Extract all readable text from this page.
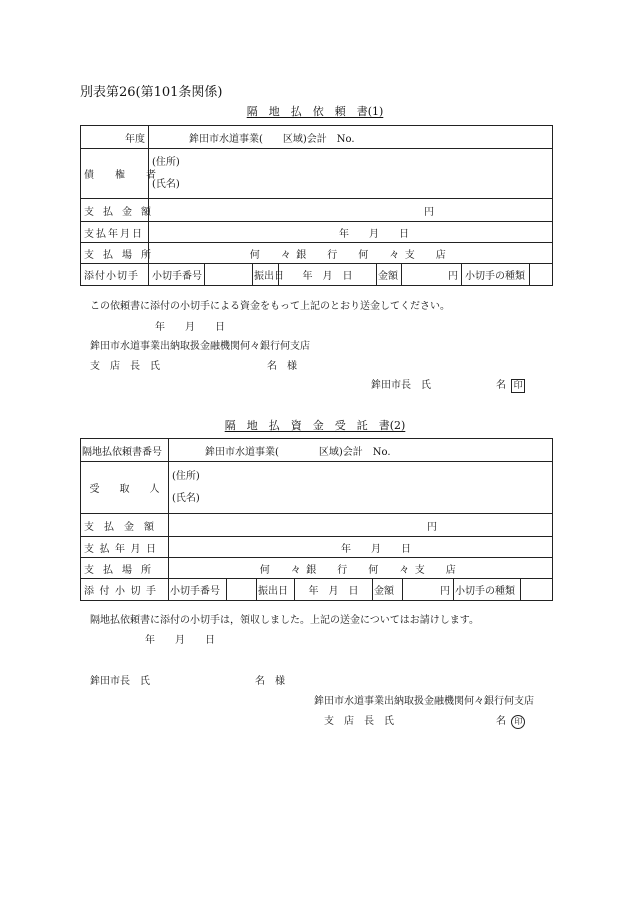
別表第26(第101条関係)
隔　地　払　依　頼　書(1)
年度	鉾田市水道事業(　　区域)会計　No.							
債　権　者	(住所)
(氏名)							

支払金額	円							
支払年月日	年　　月　　日							
支払場所	何　々銀　行　何　々支　店							
添付小切手	小切手番号		振出日	年　月　日	金額	円	小切手の種類	
この依頼書に添付の小切手による資金をもって上記のとおり送金してください。
年　　月　　日
鉾田市水道事業出納取扱金融機関何々銀行何支店
支　店　長　氏	名　様
鉾田市長　氏	名 印
隔　地　払　資　金　受　託　書(2)
隔地払依頼書番号	鉾田市水道事業(　　　　区域)会計　No.							
受　　取　　人	(住所)
(氏名)							

支　払　金　額	円							
支払年月日	年　　月　　日							
支払場所	何　々銀　行　何　々支　店							
添付小切手	小切手番号		振出日	年　月　日	金額	円	小切手の種類	
隔地払依頼書に添付の小切手は，領収しました。上記の送金についてはお請けします。
年　　月　　日
鉾田市長　氏	名　様
鉾田市水道事業出納取扱金融機関何々銀行何支店
支　店　長　氏	名 印
